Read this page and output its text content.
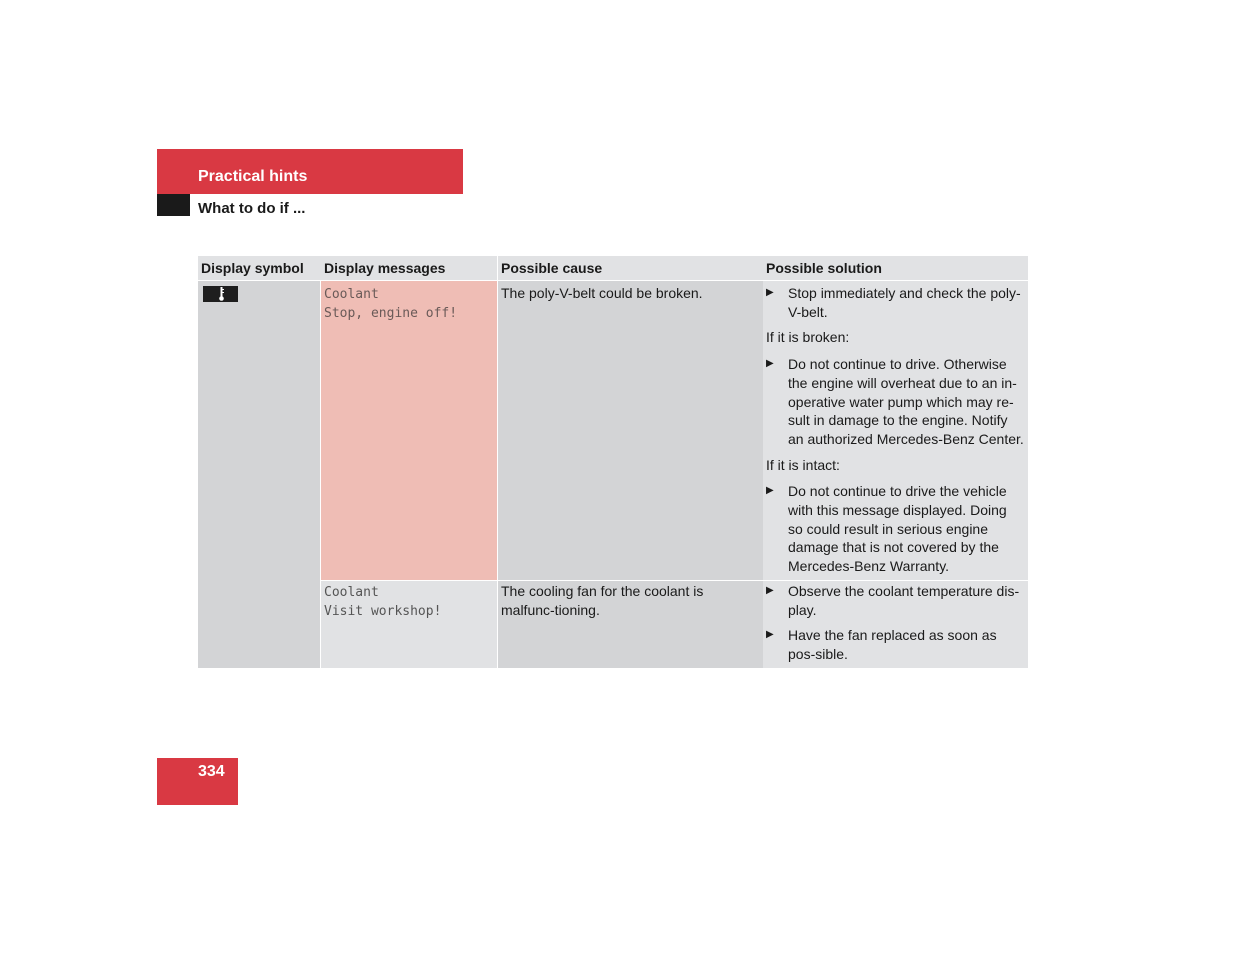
Practical hints
What to do if ...
Display symbol	Display messages	Possible cause	Possible solution
Coolant
Stop, engine off!
The poly-V-belt could be broken.
▶	Stop immediately and check the poly-V-belt.
If it is broken:
▶ Do not continue to drive. Otherwise the engine will overheat due to an in-operative water pump which may re-sult in damage to the engine. Notify an authorized Mercedes-Benz Center.
If it is intact:
▶ Do not continue to drive the vehicle with this message displayed. Doing so could result in serious engine damage that is not covered by the Mercedes-Benz Warranty.
Coolant
Visit workshop!
The cooling fan for the coolant is malfunc-tioning.
▶ Observe the coolant temperature dis-play.
▶ Have the fan replaced as soon as pos-sible.
334
